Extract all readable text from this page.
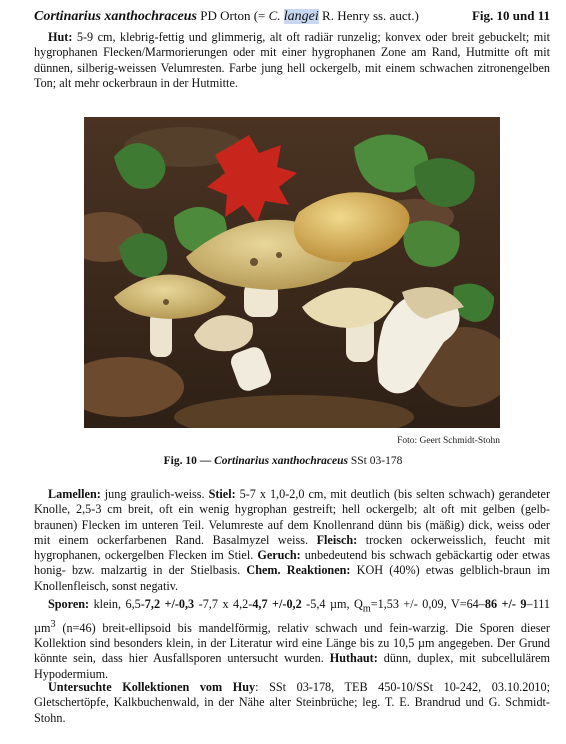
Cortinarius xanthochraceus PD Orton (= C. langei R. Henry ss. auct.)	Fig. 10 und 11

Hut: 5-9 cm, klebrig-fettig und glimmerig, alt oft radiär runzelig; konvex oder breit gebuckelt; mit hygrophanen Flecken/Marmorierungen oder mit einer hygrophanen Zone am Rand, Hutmitte oft mit dünnen, silberig-weissen Velumresten. Farbe jung hell ockergelb, mit einem schwachen zitronengelben Ton; alt mehr ockerbraun in der Hutmitte.

Foto: Geert Schmidt-Stohn
Fig. 10 — Cortinarius xanthochraceus SSt 03-178

Lamellen: jung graulich-weiss. Stiel: 5-7 x 1,0-2,0 cm, mit deutlich (bis selten schwach) gerandeter Knolle, 2,5-3 cm breit, oft ein wenig hygrophan gestreift; hell ockergelb; alt oft mit gelben (gelb-braunen) Flecken im unteren Teil. Velumreste auf dem Knollenrand dünn bis (mäßig) dick, weiss oder mit einem ockerfarbenen Rand. Basalmyzel weiss. Fleisch: trocken ockerweisslich, feucht mit hygrophanen, ockergelben Flecken im Stiel. Geruch: unbedeutend bis schwach gebäckartig oder etwas honig- bzw. malzartig in der Stielbasis. Chem. Reaktionen: KOH (40%) etwas gelblich-braun im Knollenfleisch, sonst negativ.

Sporen: klein, 6,5-7,2 +/-0,3 -7,7 x 4,2-4,7 +/-0,2 -5,4 µm, $Q_m=1,53$ +/- 0,09, V=64–86 +/- 9–111 µm$^3$ (n=46) breit-ellipsoid bis mandelförmig, relativ schwach und fein-warzig. Die Sporen dieser Kollektion sind besonders klein, in der Literatur wird eine Länge bis zu 10,5 µm angegeben. Der Grund könnte sein, dass hier Ausfallsporen untersucht wurden. Huthaut: dünn, duplex, mit subcellulärem Hypodermium.

Untersuchte Kollektionen vom Huy: SSt 03-178, TEB 450-10/SSt 10-242, 03.10.2010; Gletschertöpfe, Kalkbuchenwald, in der Nähe alter Steinbrüche; leg. T. E. Brandrud und G. Schmidt-Stohn.
